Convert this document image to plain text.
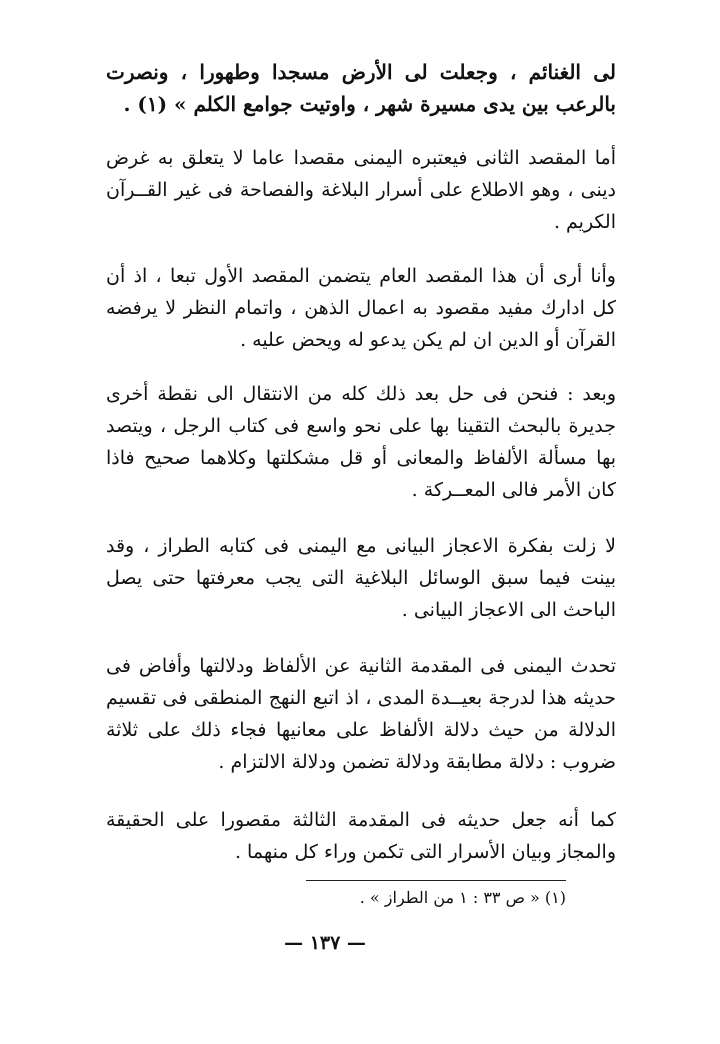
لى الغنائم ، وجعلت لى الأرض مسجدا وطهورا ، ونصرت بالرعب بين يدى مسيرة شهر ، واوتيت جوامع الكلم » (١) .

أما المقصد الثانى فيعتبره اليمنى مقصدا عاما لا يتعلق به غرض دينى ، وهو الاطلاع على أسرار البلاغة والفصاحة فى غير القــرآن الكريم .

وأنا أرى أن هذا المقصد العام يتضمن المقصد الأول تبعا ، اذ أن كل ادارك مفيد مقصود به اعمال الذهن ، واتمام النظر لا يرفضه القرآن أو الدين ان لم يكن يدعو له ويحض عليه .

وبعد : فنحن فى حل بعد ذلك كله من الانتقال الى نقطة أخرى جديرة بالبحث التقينا بها على نحو واسع فى كتاب الرجل ، ويتصد بها مسألة الألفاظ والمعانى أو قل مشكلتها وكلاهما صحيح فاذا كان الأمر فالى المعــركة .

لا زلت بفكرة الاعجاز البيانى مع اليمنى فى كتابه الطراز ، وقد بينت فيما سبق الوسائل البلاغية التى يجب معرفتها حتى يصل الباحث الى الاعجاز البيانى .

تحدث اليمنى فى المقدمة الثانية عن الألفاظ ودلالتها وأفاض فى حديثه هذا لدرجة بعيــدة المدى ، اذ اتبع النهج المنطقى فى تقسيم الدلالة من حيث دلالة الألفاظ على معانيها فجاء ذلك على ثلاثة ضروب : دلالة مطابقة ودلالة تضمن ودلالة الالتزام .

كما أنه جعل حديثه فى المقدمة الثالثة مقصورا على الحقيقة والمجاز وبيان الأسرار التى تكمن وراء كل منهما .

(١) « ص ٣٣ : ١ من الطراز » .
— ١٣٧ —
